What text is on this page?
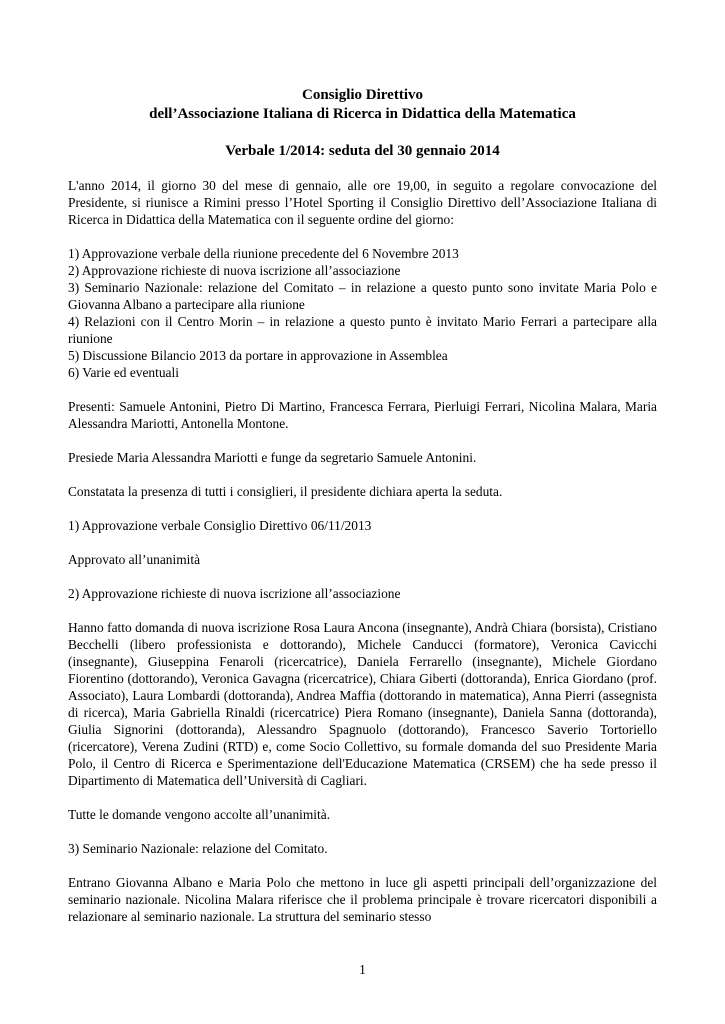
Consiglio Direttivo
dell’Associazione Italiana di Ricerca in Didattica della Matematica
Verbale 1/2014: seduta del 30 gennaio 2014

L'anno 2014, il giorno 30 del mese di gennaio, alle ore 19,00, in seguito a regolare convocazione del Presidente, si riunisce a Rimini presso l’Hotel Sporting il Consiglio Direttivo dell’Associazione Italiana di Ricerca in Didattica della Matematica con il seguente ordine del giorno:

1) Approvazione verbale della riunione precedente del 6 Novembre 2013
2) Approvazione richieste di nuova iscrizione all’associazione
3) Seminario Nazionale: relazione del Comitato – in relazione a questo punto sono invitate Maria Polo e Giovanna Albano a partecipare alla riunione
4) Relazioni con il Centro Morin – in relazione a questo punto è invitato Mario Ferrari a partecipare alla riunione
5) Discussione Bilancio 2013 da portare in approvazione in Assemblea
6) Varie ed eventuali

Presenti: Samuele Antonini, Pietro Di Martino, Francesca Ferrara, Pierluigi Ferrari, Nicolina Malara, Maria Alessandra Mariotti, Antonella Montone.

Presiede Maria Alessandra Mariotti e funge da segretario Samuele Antonini.

Constatata la presenza di tutti i consiglieri, il presidente dichiara aperta la seduta.

1) Approvazione verbale Consiglio Direttivo 06/11/2013

Approvato all’unanimità

2) Approvazione richieste di nuova iscrizione all’associazione

Hanno fatto domanda di nuova iscrizione Rosa Laura Ancona (insegnante), Andrà Chiara (borsista), Cristiano Becchelli (libero professionista e dottorando), Michele Canducci (formatore), Veronica Cavicchi (insegnante), Giuseppina Fenaroli (ricercatrice), Daniela Ferrarello (insegnante), Michele Giordano Fiorentino (dottorando), Veronica Gavagna (ricercatrice), Chiara Giberti (dottoranda), Enrica Giordano (prof. Associato), Laura Lombardi (dottoranda), Andrea Maffia (dottorando in matematica), Anna Pierri (assegnista di ricerca), Maria Gabriella Rinaldi (ricercatrice) Piera Romano (insegnante), Daniela Sanna (dottoranda), Giulia Signorini (dottoranda), Alessandro Spagnuolo (dottorando), Francesco Saverio Tortoriello (ricercatore), Verena Zudini (RTD) e, come Socio Collettivo, su formale domanda del suo Presidente Maria Polo, il Centro di Ricerca e Sperimentazione dell'Educazione Matematica (CRSEM) che ha sede presso il Dipartimento di Matematica dell’Università di Cagliari.

Tutte le domande vengono accolte all’unanimità.

3) Seminario Nazionale: relazione del Comitato.

Entrano Giovanna Albano e Maria Polo che mettono in luce gli aspetti principali dell’organizzazione del seminario nazionale. Nicolina Malara riferisce che il problema principale è trovare ricercatori disponibili a relazionare al seminario nazionale. La struttura del seminario stesso

1
